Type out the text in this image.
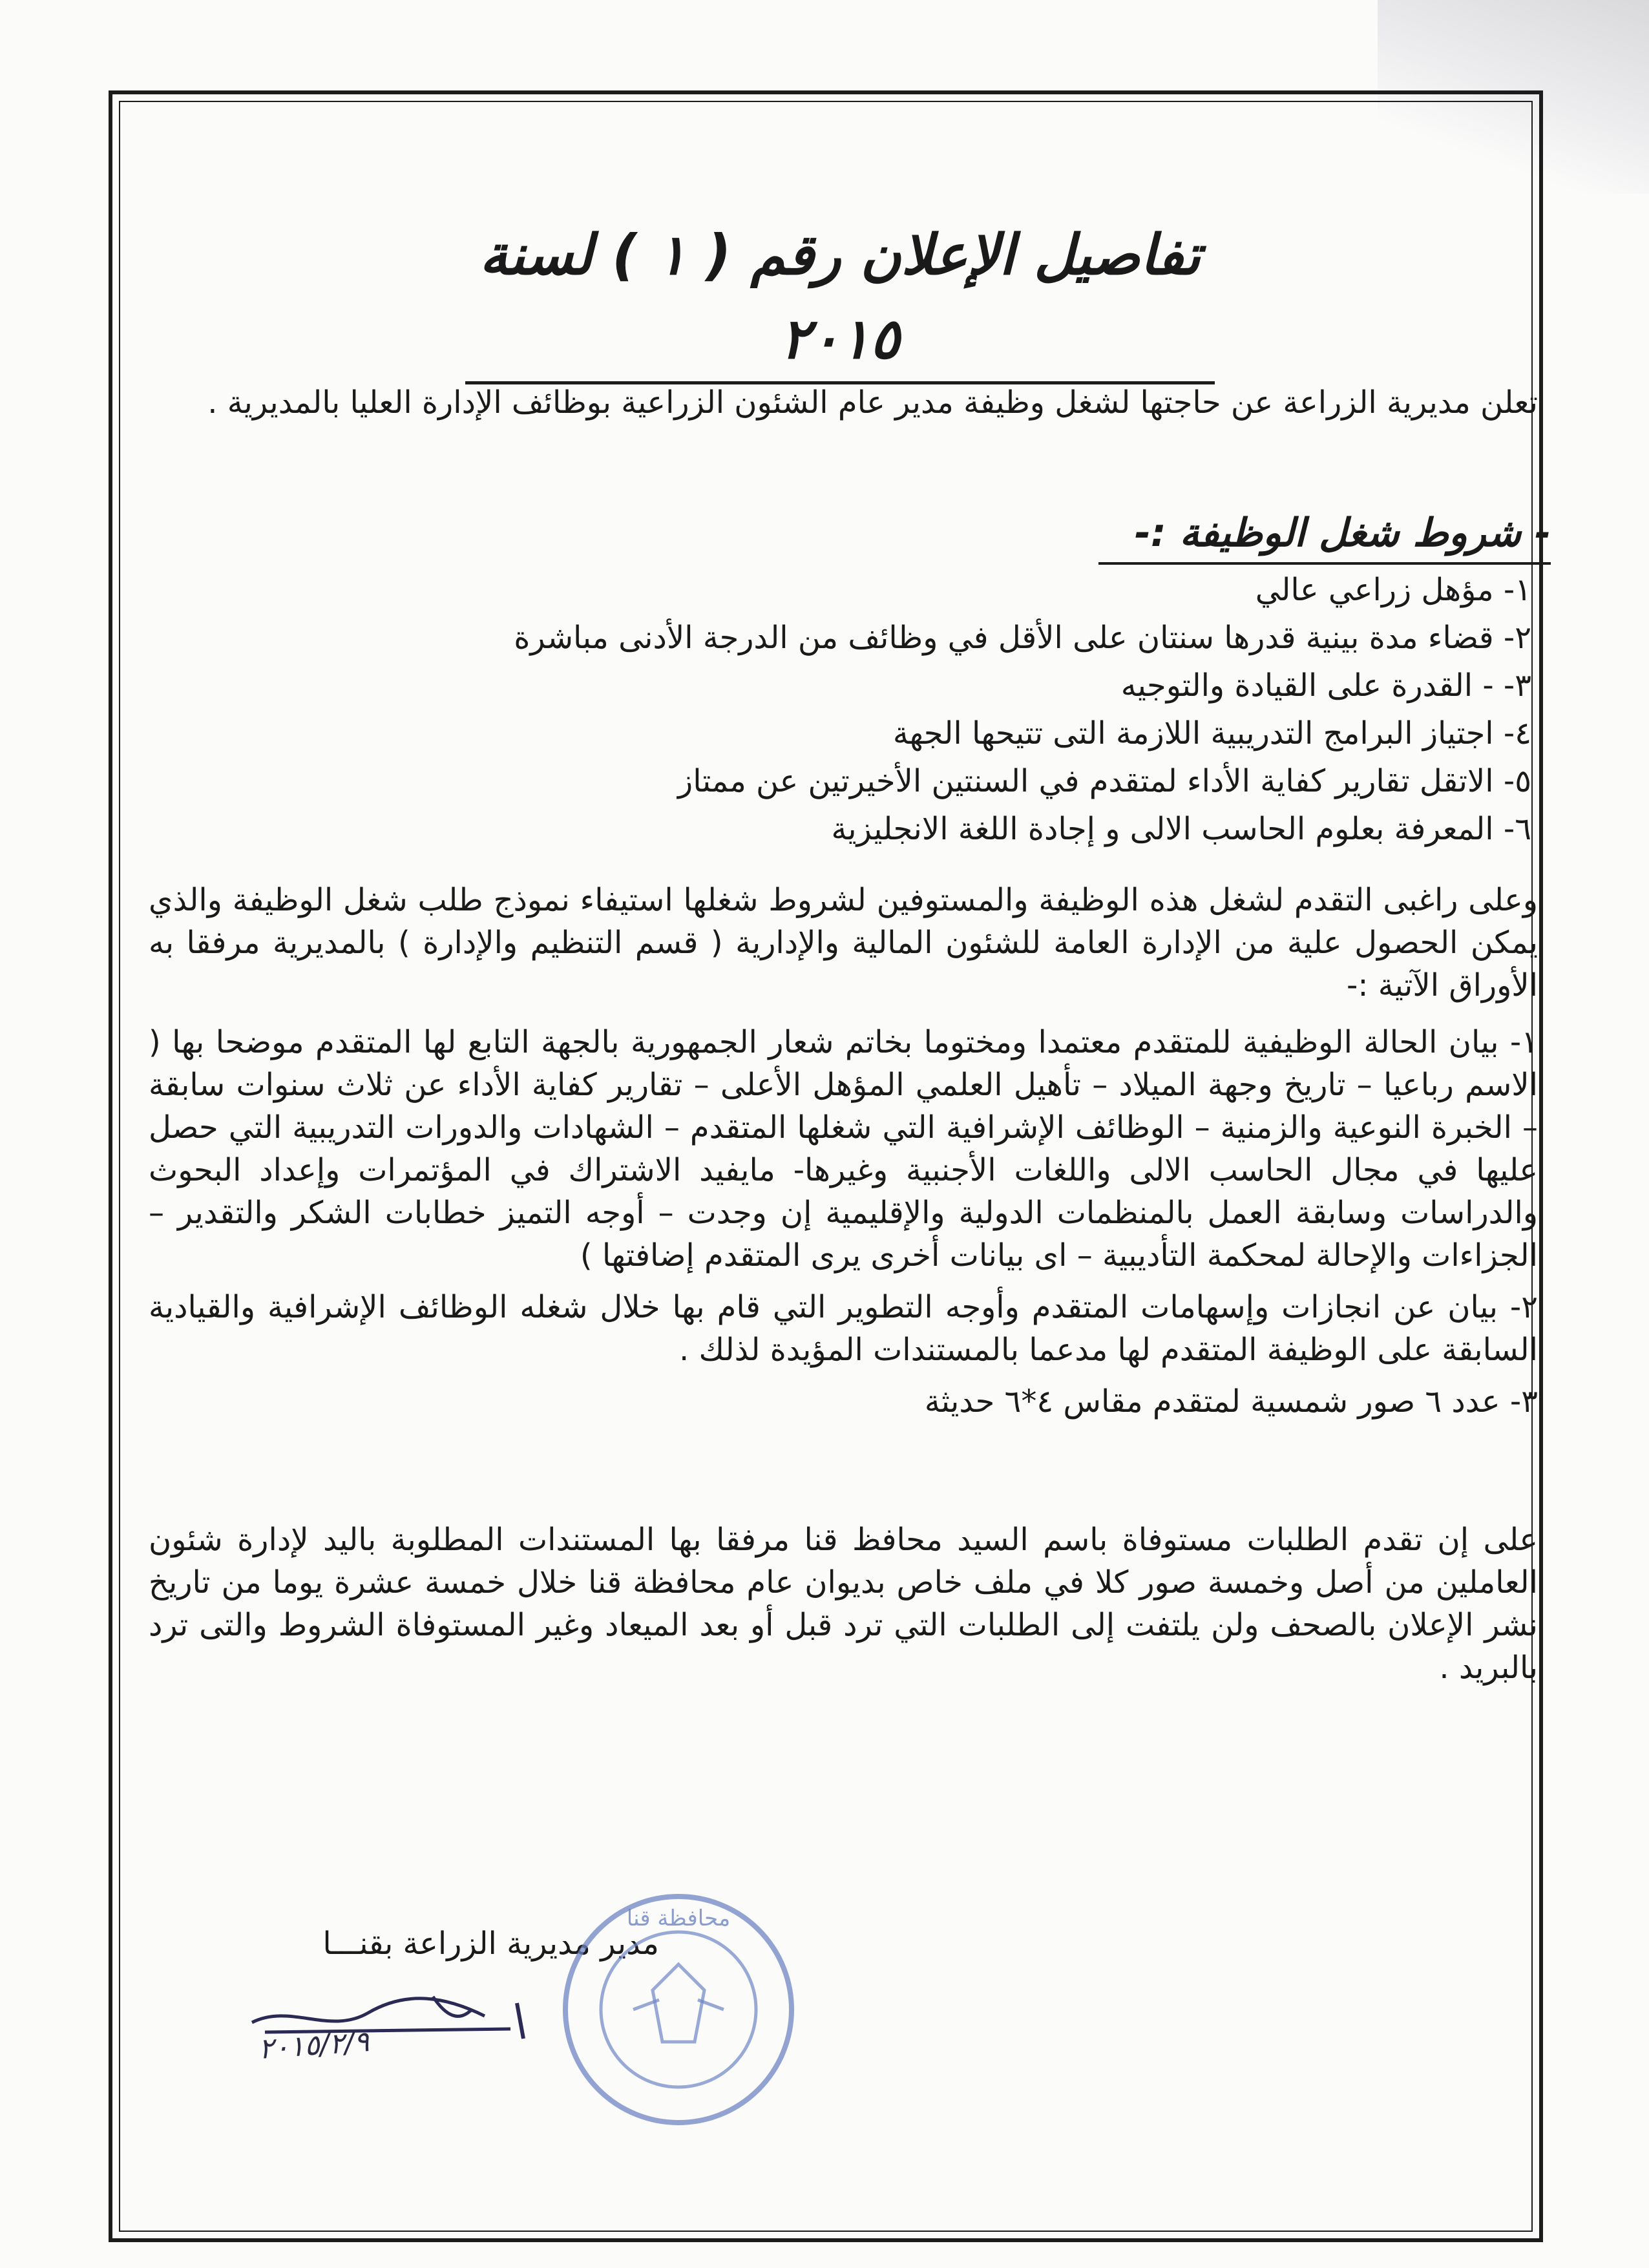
تفاصيل الإعلان رقم ( ١ ) لسنة ٢٠١٥

تعلن مديرية الزراعة عن حاجتها لشغل وظيفة مدير عام الشئون الزراعية بوظائف الإدارة العليا بالمديرية .

- شروط شغل الوظيفة :-

١- مؤهل زراعي عالي

٢- قضاء مدة بينية قدرها سنتان على الأقل في وظائف من الدرجة الأدنى مباشرة

٣- - القدرة على القيادة والتوجيه

٤- اجتياز البرامج التدريبية اللازمة التى تتيحها الجهة

٥- الاتقل تقارير كفاية الأداء لمتقدم في السنتين الأخيرتين عن ممتاز

٦- المعرفة بعلوم الحاسب الالى و إجادة اللغة الانجليزية

وعلى راغبى التقدم لشغل هذه الوظيفة والمستوفين لشروط شغلها استيفاء نموذج طلب شغل الوظيفة والذي يمكن الحصول علية من الإدارة العامة للشئون المالية والإدارية ( قسم التنظيم والإدارة ) بالمديرية مرفقا به الأوراق الآتية :-

١- بيان الحالة الوظيفية للمتقدم معتمدا ومختوما بخاتم شعار الجمهورية بالجهة التابع لها المتقدم موضحا بها ( الاسم رباعيا – تاريخ وجهة الميلاد – تأهيل العلمي المؤهل الأعلى – تقارير كفاية الأداء عن ثلاث سنوات سابقة – الخبرة النوعية والزمنية – الوظائف الإشرافية التي شغلها المتقدم – الشهادات والدورات التدريبية التي حصل عليها في مجال الحاسب الالى واللغات الأجنبية وغيرها- مايفيد الاشتراك في المؤتمرات وإعداد البحوث والدراسات وسابقة العمل بالمنظمات الدولية والإقليمية إن وجدت – أوجه التميز خطابات الشكر والتقدير – الجزاءات والإحالة لمحكمة التأديبية – اى بيانات أخرى يرى المتقدم إضافتها )

٢- بيان عن انجازات وإسهامات المتقدم وأوجه التطوير التي قام بها خلال شغله الوظائف الإشرافية والقيادية السابقة على الوظيفة المتقدم لها مدعما بالمستندات المؤيدة لذلك .

٣- عدد ٦ صور شمسية لمتقدم مقاس ٤*٦ حديثة

على إن تقدم الطلبات مستوفاة باسم السيد محافظ قنا مرفقا بها المستندات المطلوبة باليد لإدارة شئون العاملين من أصل وخمسة صور كلا في ملف خاص بديوان عام محافظة قنا خلال خمسة عشرة يوما من تاريخ نشر الإعلان بالصحف ولن يلتفت إلى الطلبات التي ترد قبل أو بعد الميعاد وغير المستوفاة الشروط والتى ترد بالبريد .

مدير مديرية الزراعة بقنـــا
٢٠١٥/٢/٩
محافظة قنا
